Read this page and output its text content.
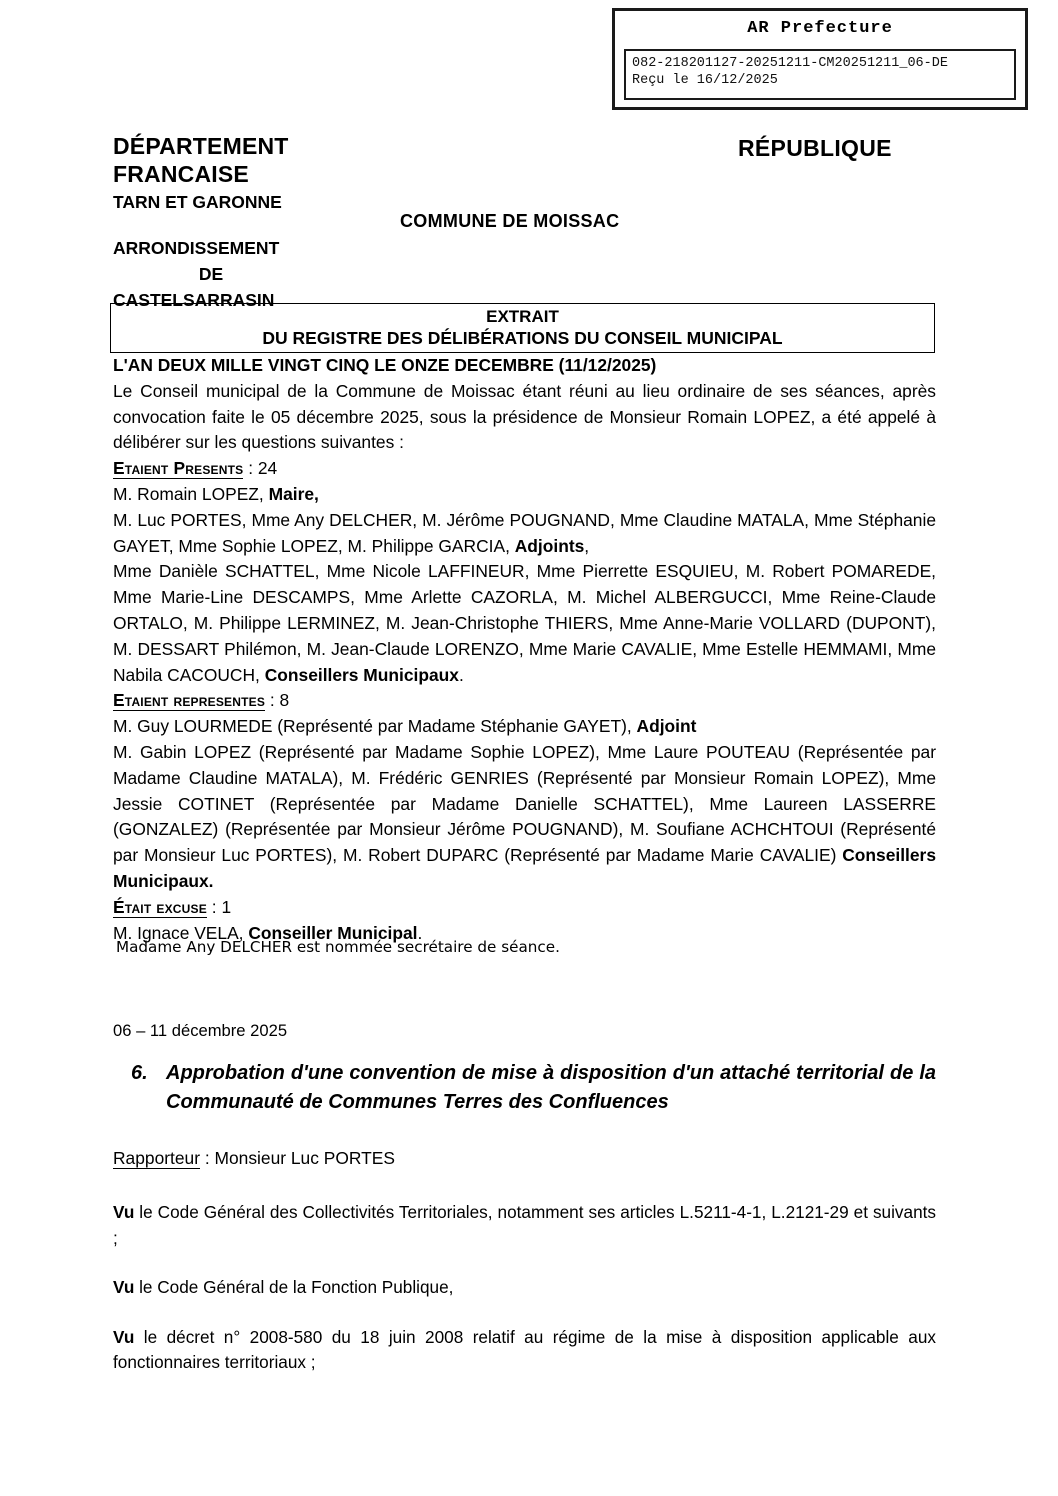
AR Prefecture
082-218201127-20251211-CM20251211_06-DE
Reçu le 16/12/2025
DÉPARTEMENT
FRANCAISE
TARN ET GARONNE
ARRONDISSEMENT
DE
CASTELSARRASIN
RÉPUBLIQUE
COMMUNE DE MOISSAC
EXTRAIT
DU REGISTRE DES DÉLIBÉRATIONS DU CONSEIL MUNICIPAL
L'AN DEUX MILLE VINGT CINQ LE ONZE DECEMBRE (11/12/2025)
Le Conseil municipal de la Commune de Moissac étant réuni au lieu ordinaire de ses séances, après convocation faite le 05 décembre 2025, sous la présidence de Monsieur Romain LOPEZ, a été appelé à délibérer sur les questions suivantes :
Etaient Presents : 24
M. Romain LOPEZ, Maire,
M. Luc PORTES, Mme Any DELCHER, M. Jérôme POUGNAND, Mme Claudine MATALA, Mme Stéphanie GAYET, Mme Sophie LOPEZ, M. Philippe GARCIA, Adjoints,
Mme Danièle SCHATTEL, Mme Nicole LAFFINEUR, Mme Pierrette ESQUIEU, M. Robert POMAREDE, Mme Marie-Line DESCAMPS, Mme Arlette CAZORLA, M. Michel ALBERGUCCI, Mme Reine-Claude ORTALO, M. Philippe LERMINEZ, M. Jean-Christophe THIERS, Mme Anne-Marie VOLLARD (DUPONT), M. DESSART Philémon, M. Jean-Claude LORENZO, Mme Marie CAVALIE, Mme Estelle HEMMAMI, Mme Nabila CACOUCH, Conseillers Municipaux.
Etaient representes : 8
M. Guy LOURMEDE (Représenté par Madame Stéphanie GAYET), Adjoint
M. Gabin LOPEZ (Représenté par Madame Sophie LOPEZ), Mme Laure POUTEAU (Représentée par Madame Claudine MATALA), M. Frédéric GENRIES (Représenté par Monsieur Romain LOPEZ), Mme Jessie COTINET (Représentée par Madame Danielle SCHATTEL), Mme Laureen LASSERRE (GONZALEZ) (Représentée par Monsieur Jérôme POUGNAND), M. Soufiane ACHCHTOUI (Représenté par Monsieur Luc PORTES), M. Robert DUPARC (Représenté par Madame Marie CAVALIE) Conseillers Municipaux.
Était excuse : 1
M. Ignace VELA, Conseiller Municipal.
Madame Any DELCHER est nommée secrétaire de séance.
06 – 11 décembre 2025
6. Approbation d'une convention de mise à disposition d'un attaché territorial de la Communauté de Communes Terres des Confluences
Rapporteur : Monsieur Luc PORTES
Vu le Code Général des Collectivités Territoriales, notamment ses articles L.5211-4-1, L.2121-29 et suivants ;
Vu le Code Général de la Fonction Publique,
Vu le décret n° 2008-580 du 18 juin 2008 relatif au régime de la mise à disposition applicable aux fonctionnaires territoriaux ;
